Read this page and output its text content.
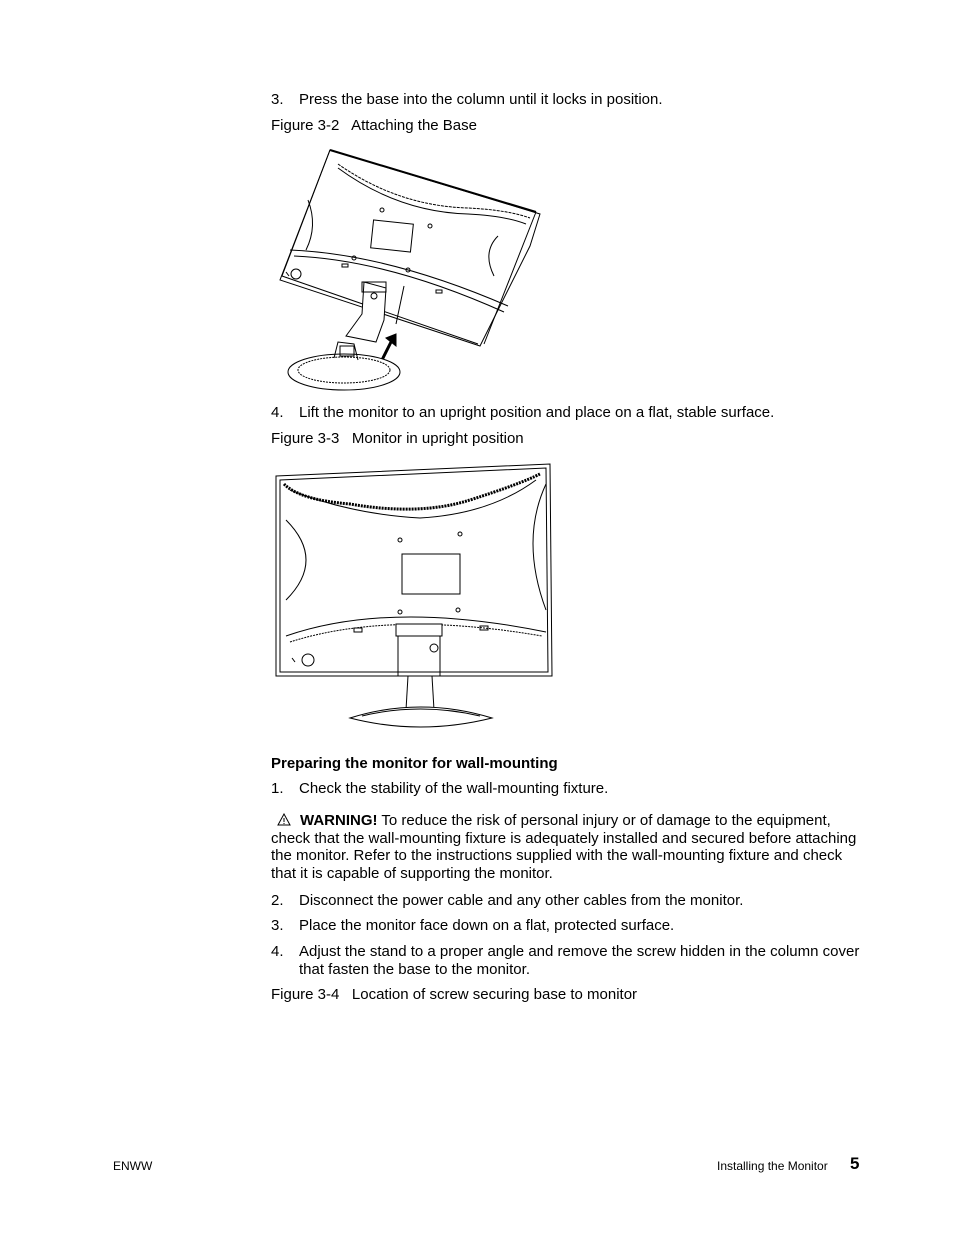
3. Press the base into the column until it locks in position.
Figure 3-2 Attaching the Base
4. Lift the monitor to an upright position and place on a flat, stable surface.
Figure 3-3 Monitor in upright position
Preparing the monitor for wall-mounting
1. Check the stability of the wall-mounting fixture.
WARNING! To reduce the risk of personal injury or of damage to the equipment, check that the wall-mounting fixture is adequately installed and secured before attaching the monitor. Refer to the instructions supplied with the wall-mounting fixture and check that it is capable of supporting the monitor.
2. Disconnect the power cable and any other cables from the monitor.
3. Place the monitor face down on a flat, protected surface.
4. Adjust the stand to a proper angle and remove the screw hidden in the column cover that fasten the base to the monitor.
Figure 3-4 Location of screw securing base to monitor
ENWW	Installing the Monitor 5
